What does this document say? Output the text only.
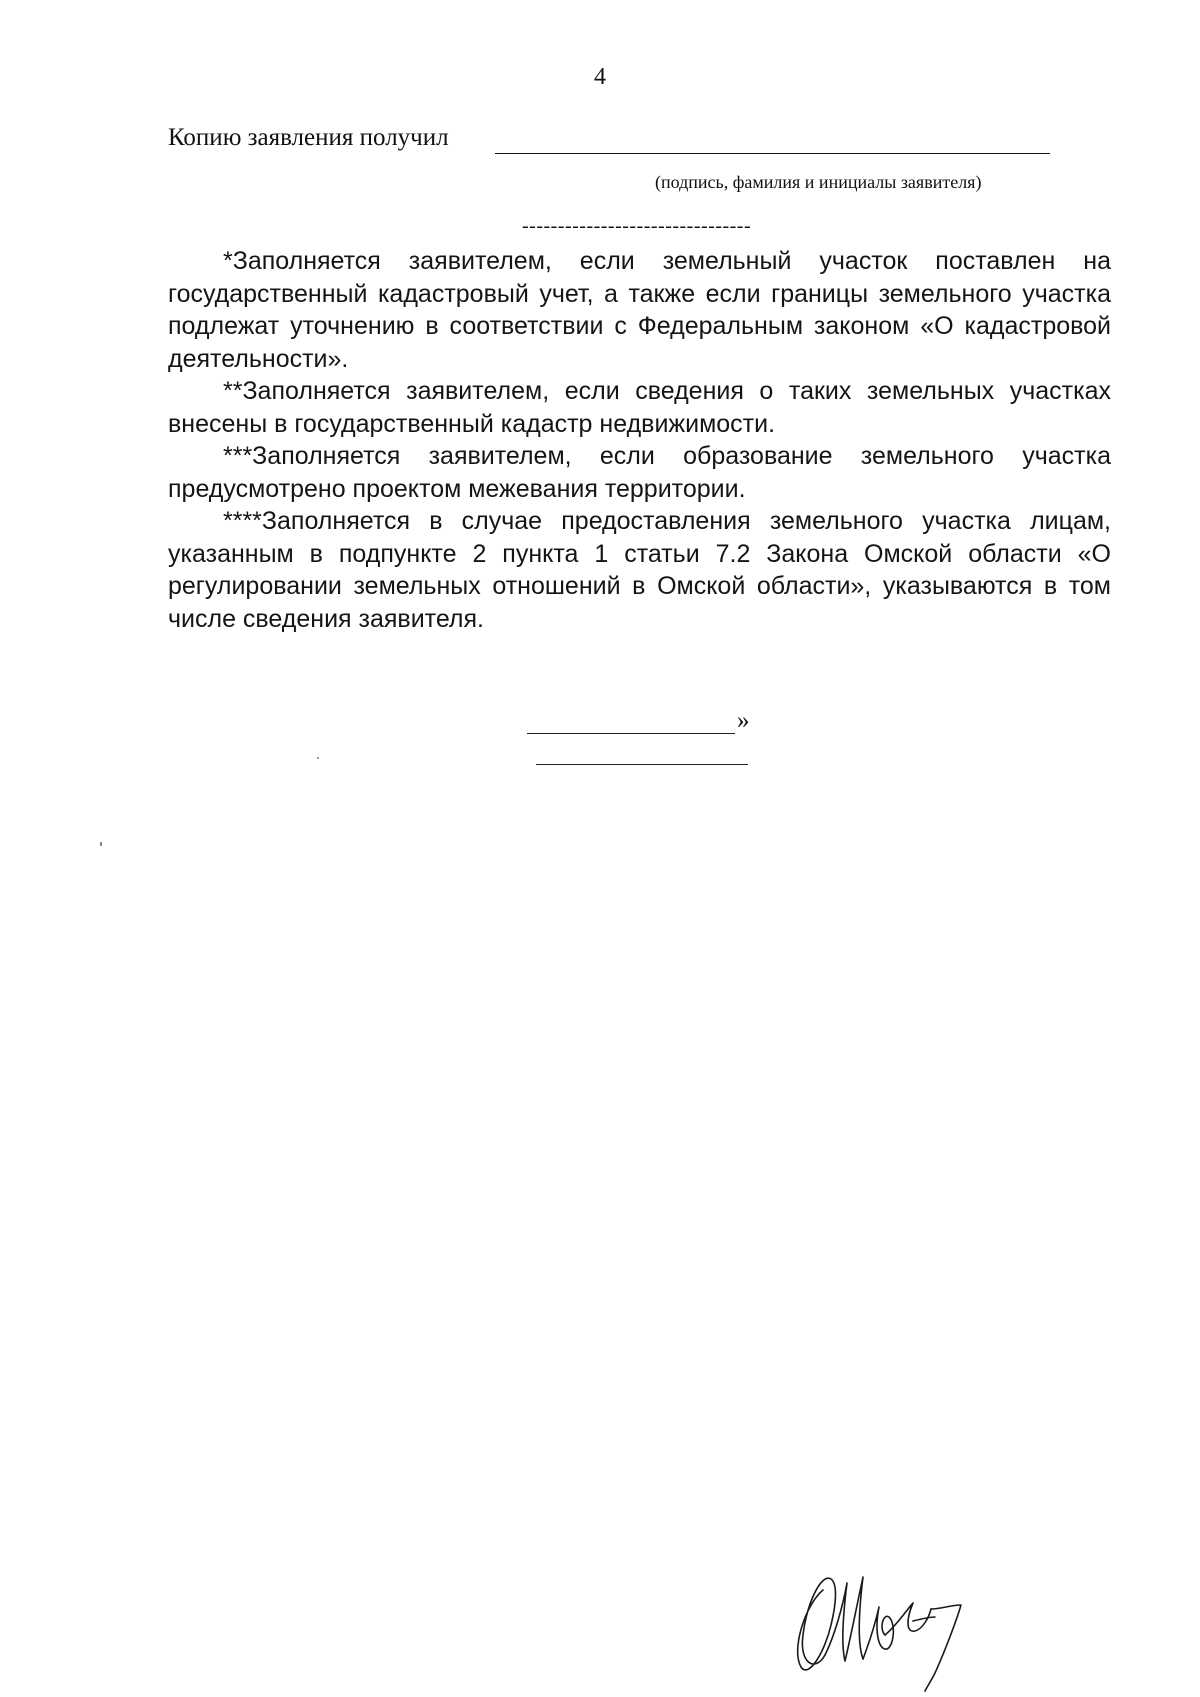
4
Копию заявления получил
(подпись, фамилия и инициалы заявителя)
--------------------------------

*Заполняется заявителем, если земельный участок поставлен на государственный кадастровый учет, а также если границы земельного участка подлежат уточнению в соответствии с Федеральным законом «О кадастровой деятельности».

**Заполняется заявителем, если сведения о таких земельных участках внесены в государственный кадастр недвижимости.

***Заполняется заявителем, если образование земельного участка предусмотрено проектом межевания территории.

****Заполняется в случае предоставления земельного участка лицам, указанным в подпункте 2 пункта 1 статьи 7.2 Закона Омской области «О регулировании земельных отношений в Омской области», указываются в том числе сведения заявителя.

»
